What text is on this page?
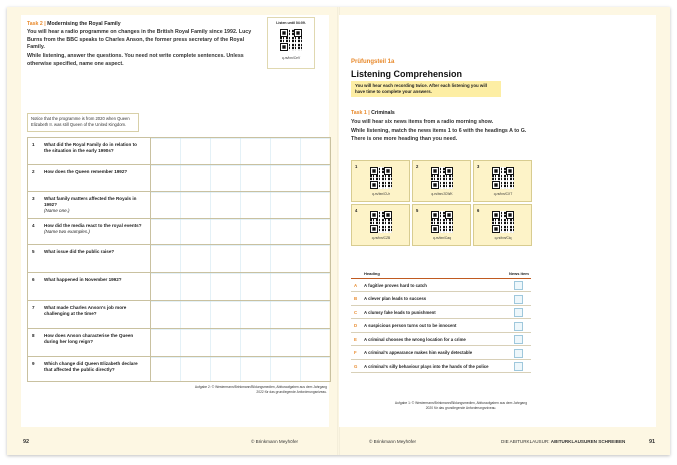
Task 2 | Modernising the Royal Family
You will hear a radio programme on changes in the British Royal Family since 1992. Lucy Burns from the BBC speaks to Charles Anson, the former press secretary of the Royal Family.
While listening, answer the questions. You need not write complete sentences. Unless otherwise specified, name one aspect.
Listen until 04:09.
q-rs/txn/CeV
Notice that the programme is from 2020 when Queen Elizabeth II. was still Queen of the United Kingdom.
1 What did the Royal Family do in relation to the situation in the early 1990s?
2 How does the Queen remember 1992?
3 What family matters affected the Royals in 1992?
(Name one.)
4 How did the media react to the royal events?
(Name two examples.)
5 What issue did the public raise?
6 What happened in November 1992?
7 What made Charles Anson's job more challenging at the time?
8 How does Anson characterise the Queen during her long reign?
9 Which change did Queen Elizabeth declare that affected the public directly?
Aufgabe 2: © Westermann/Brinkmann/Bildungsmedien, Abituraufgaben aus dem Jahrgang 2022 für das grundlegende Anforderungsniveau.
92	© Brinkmann Meyhöfer
Prüfungsteil 1a
Listening Comprehension
You will hear each recording twice. After each listening you will have time to complete your answers.
Task 1 | Criminals
You will hear six news items from a radio morning show.
While listening, match the news items 1 to 6 with the headings A to G. There is one more heading than you need.
1
q-rs/txn/CUr
2
q-rs/txn/JCWK
3
q-rs/txn/CXT
4
q-rs/txn/CZB
5
q-rs/txn/Caq
6
q-rs/txn/Ciq
Heading	News item
A A fugitive proves hard to catch
B A clever plan leads to success
C A clumsy fake leads to punishment
D A suspicious person turns out to be innocent
E A criminal chooses the wrong location for a crime
F A criminal's appearance makes him easily detectable
G A criminal's silly behaviour plays into the hands of the police
Aufgabe 1: © Westermann/Brinkmann/Bildungsmedien, Abituraufgaben aus dem Jahrgang 2020 für das grundlegende Anforderungsniveau.
© Brinkmann Meyhöfer	DIE ABITURKLAUSUR: ABITURKLAUSUREN SCHREIBEN	91
